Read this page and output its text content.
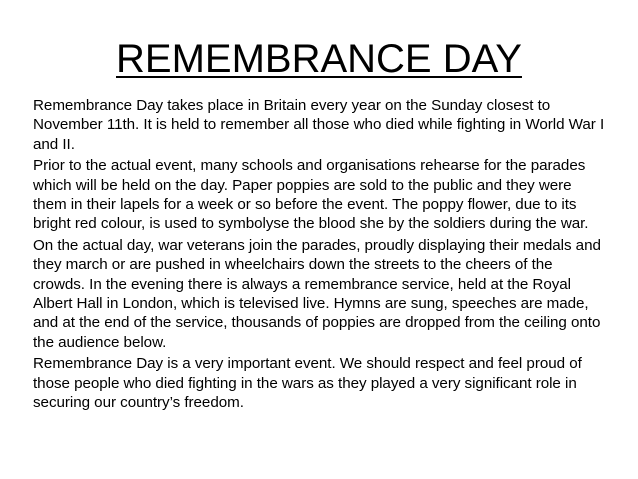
REMEMBRANCE DAY

Remembrance Day takes place in Britain every year on the Sunday closest to November 11th. It is held to remember all those who died while fighting in World War I and II.

Prior to the actual event, many schools and organisations rehearse for the parades which will be held on the day. Paper poppies are sold to the public and they were them in their lapels for a week or so before the event. The poppy flower, due to its bright red colour, is used to symbolyse the blood she by the soldiers during the war.

On the actual day, war veterans join the parades, proudly displaying their medals and they march or are pushed in wheelchairs down the streets to the cheers of the crowds. In the evening there is always a remembrance service, held at the Royal Albert Hall in London, which is televised live. Hymns are sung, speeches are made, and at the end of the service, thousands of poppies are dropped from the ceiling onto the audience below.

Remembrance Day is a very important event. We should respect and feel proud of those people who died fighting in the wars as they played a very significant role in securing our country’s freedom.
